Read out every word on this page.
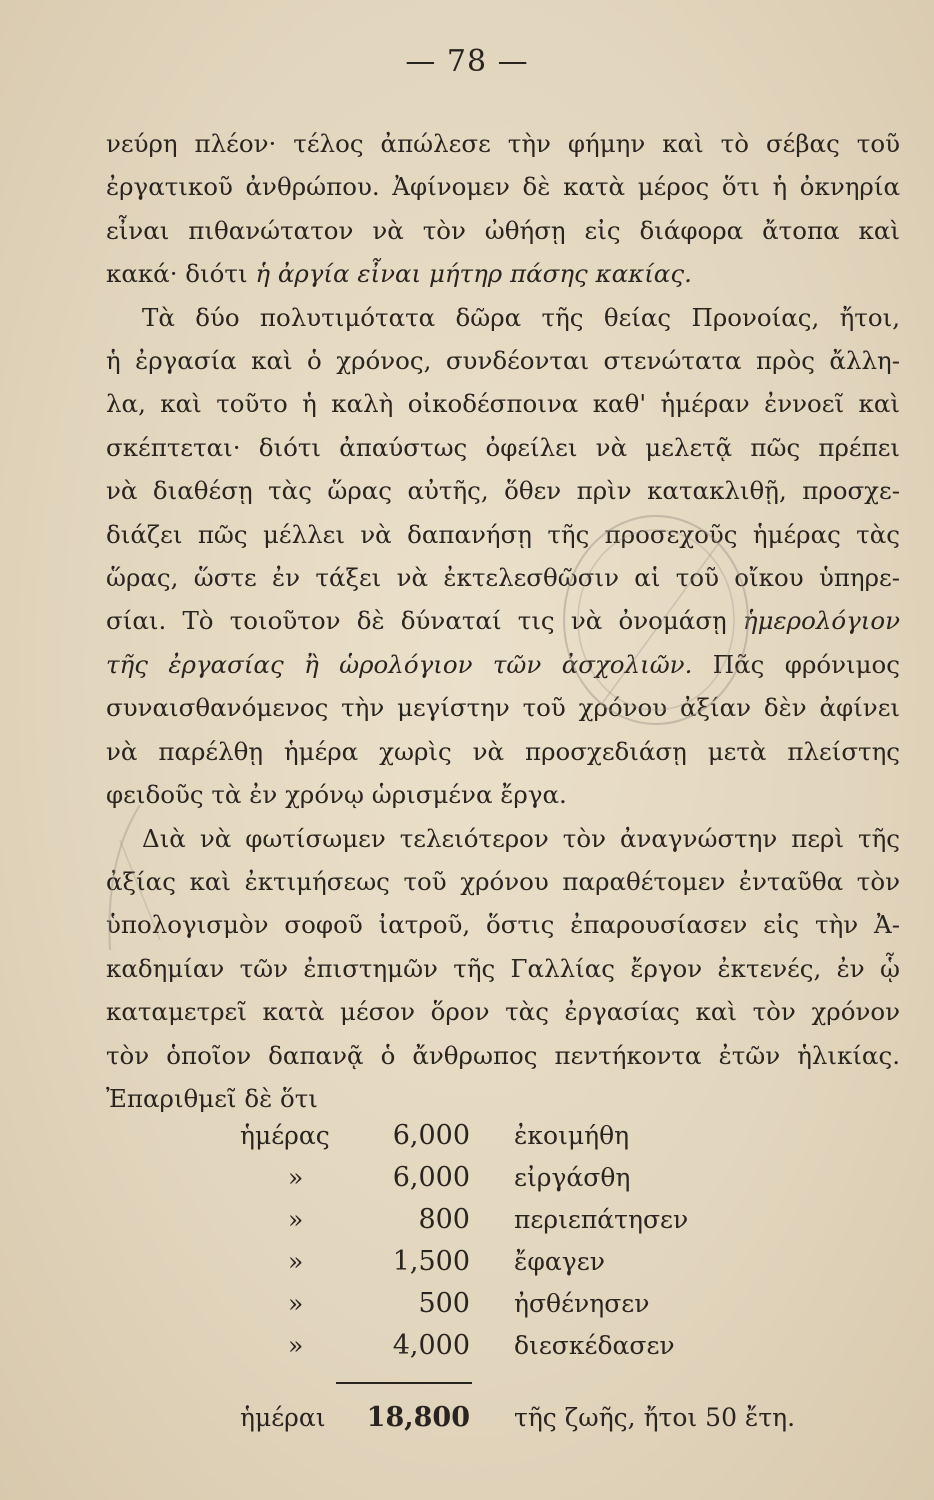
— 78 —
νεύρη πλέον· τέλος ἀπώλεσε τὴν φήμην καὶ τὸ σέβας τοῦ
ἐργατικοῦ ἀνθρώπου. Ἀφίνομεν δὲ κατὰ μέρος ὅτι ἡ ὀκνηρία
εἶναι πιθανώτατον νὰ τὸν ὠθήσῃ εἰς διάφορα ἄτοπα καὶ
κακά· διότι ἡ ἀργία εἶναι μήτηρ πάσης κακίας.
Τὰ δύο πολυτιμότατα δῶρα τῆς θείας Προνοίας, ἤτοι,
ἡ ἐργασία καὶ ὁ χρόνος, συνδέονται στενώτατα πρὸς ἄλλη-
λα, καὶ τοῦτο ἡ καλὴ οἰκοδέσποινα καθ' ἡμέραν ἐννοεῖ καὶ
σκέπτεται· διότι ἀπαύστως ὀφείλει νὰ μελετᾷ πῶς πρέπει
νὰ διαθέσῃ τὰς ὥρας αὐτῆς, ὅθεν πρὶν κατακλιθῇ, προσχε-
διάζει πῶς μέλλει νὰ δαπανήσῃ τῆς προσεχοῦς ἡμέρας τὰς
ὥρας, ὥστε ἐν τάξει νὰ ἐκτελεσθῶσιν αἱ τοῦ οἴκου ὑπηρε-
σίαι. Τὸ τοιοῦτον δὲ δύναταί τις νὰ ὀνομάσῃ ἡμερολόγιον
τῆς ἐργασίας ἢ ὡρολόγιον τῶν ἀσχολιῶν. Πᾶς φρόνιμος
συναισθανόμενος τὴν μεγίστην τοῦ χρόνου ἀξίαν δὲν ἀφίνει
νὰ παρέλθῃ ἡμέρα χωρὶς νὰ προσχεδιάσῃ μετὰ πλείστης
φειδοῦς τὰ ἐν χρόνῳ ὡρισμένα ἔργα.
Διὰ νὰ φωτίσωμεν τελειότερον τὸν ἀναγνώστην περὶ τῆς
ἀξίας καὶ ἐκτιμήσεως τοῦ χρόνου παραθέτομεν ἐνταῦθα τὸν
ὑπολογισμὸν σοφοῦ ἰατροῦ, ὅστις ἐπαρουσίασεν εἰς τὴν Ἀ-
καδημίαν τῶν ἐπιστημῶν τῆς Γαλλίας ἔργον ἐκτενές, ἐν ᾧ
καταμετρεῖ κατὰ μέσον ὅρον τὰς ἐργασίας καὶ τὸν χρόνον
τὸν ὁποῖον δαπανᾷ ὁ ἄνθρωπος πεντήκοντα ἐτῶν ἡλικίας.
Ἐπαριθμεῖ δὲ ὅτι
ἡμέρας	6,000 ἐκοιμήθη
»	6,000 εἰργάσθη
»	800 περιεπάτησεν
»	1,500 ἔφαγεν
»	500 ἠσθένησεν
»	4,000 διεσκέδασεν
ἡμέραι	18,800 τῆς ζωῆς, ἤτοι 50 ἔτη.
